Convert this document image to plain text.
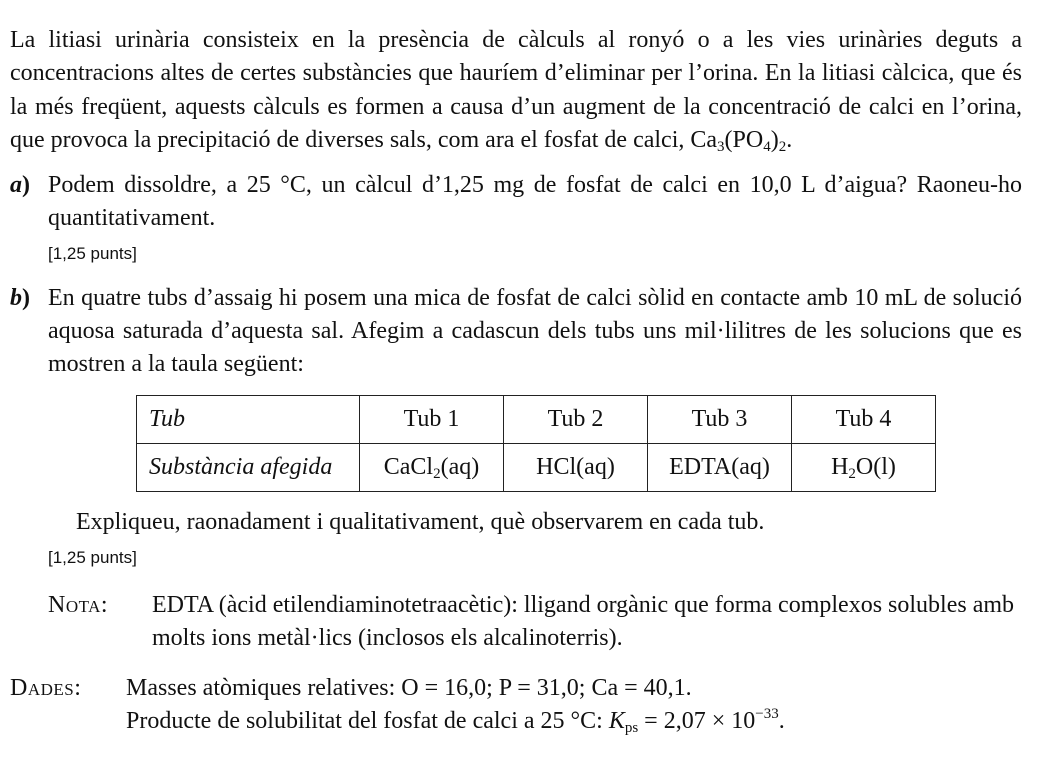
La litiasi urinària consisteix en la presència de càlculs al ronyó o a les vies urinàries deguts a concentracions altes de certes substàncies que hauríem d’eliminar per l’orina. En la litiasi càlcica, que és la més freqüent, aquests càlculs es formen a causa d’un augment de la concentració de calci en l’orina, que provoca la precipitació de diverses sals, com ara el fosfat de calci, $Ca_3(PO_4)_2$.

a) Podem dissoldre, a 25 °C, un càlcul d’1,25 mg de fosfat de calci en 10,0 L d’aigua? Raoneu-ho quantitativament.
[1,25 punts]
b) En quatre tubs d’assaig hi posem una mica de fosfat de calci sòlid en contacte amb 10 mL de solució aquosa saturada d’aquesta sal. Afegim a cadascun dels tubs uns mil·lilitres de les solucions que es mostren a la taula següent:
Tub	Tub 1	Tub 2	Tub 3	Tub 4
Substància afegida	CaCl$_2$(aq)	HCl(aq)	EDTA(aq)	$H_2O(l)$
Expliqueu, raonadament i qualitativament, què observarem en cada tub.
[1,25 punts]
Nota: EDTA (àcid etilendiaminotetraacètic): lligand orgànic que forma complexos solubles amb molts ions metàl·lics (inclosos els alcalinoterris).
Dades: Masses atòmiques relatives: O = 16,0; P = 31,0; Ca = 40,1.
Producte de solubilitat del fosfat de calci a 25 °C: $K_{ps} = 2,07 \times 10^{-33}$.
